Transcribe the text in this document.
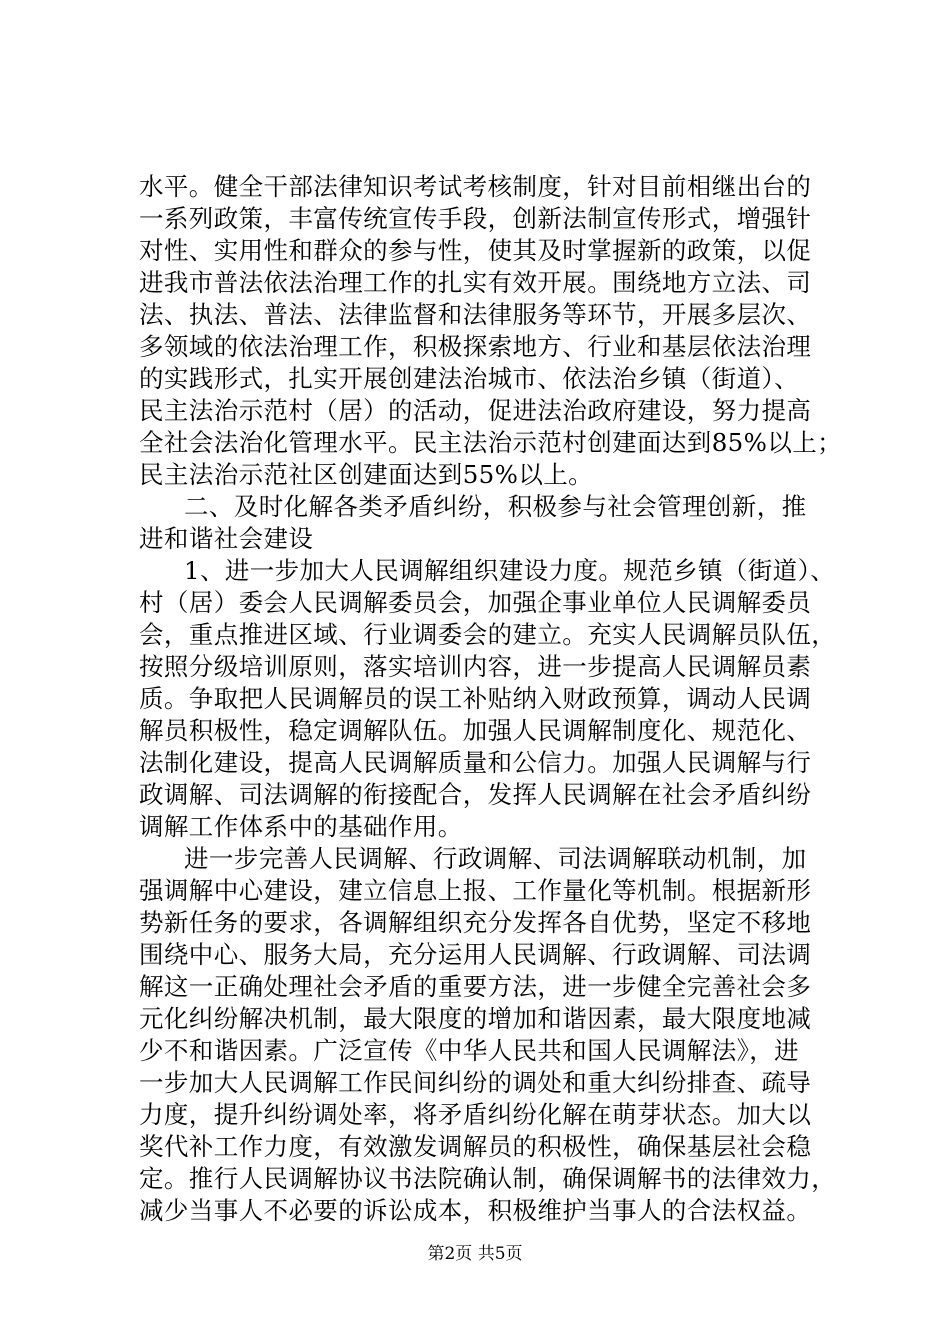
水平。健全干部法律知识考试考核制度，针对目前相继出台的
一系列政策，丰富传统宣传手段，创新法制宣传形式，增强针
对性、实用性和群众的参与性，使其及时掌握新的政策，以促
进我市普法依法治理工作的扎实有效开展。围绕地方立法、司
法、执法、普法、法律监督和法律服务等环节，开展多层次、
多领域的依法治理工作，积极探索地方、行业和基层依法治理
的实践形式，扎实开展创建法治城市、依法治乡镇（街道）、
民主法治示范村（居）的活动，促进法治政府建设，努力提高
全社会法治化管理水平。民主法治示范村创建面达到85%以上；
民主法治示范社区创建面达到55%以上。
二、及时化解各类矛盾纠纷，积极参与社会管理创新，推
进和谐社会建设
1、进一步加大人民调解组织建设力度。规范乡镇（街道）、
村（居）委会人民调解委员会，加强企事业单位人民调解委员
会，重点推进区域、行业调委会的建立。充实人民调解员队伍，
按照分级培训原则，落实培训内容，进一步提高人民调解员素
质。争取把人民调解员的误工补贴纳入财政预算，调动人民调
解员积极性，稳定调解队伍。加强人民调解制度化、规范化、
法制化建设，提高人民调解质量和公信力。加强人民调解与行
政调解、司法调解的衔接配合，发挥人民调解在社会矛盾纠纷
调解工作体系中的基础作用。
进一步完善人民调解、行政调解、司法调解联动机制，加
强调解中心建设，建立信息上报、工作量化等机制。根据新形
势新任务的要求，各调解组织充分发挥各自优势，坚定不移地
围绕中心、服务大局，充分运用人民调解、行政调解、司法调
解这一正确处理社会矛盾的重要方法，进一步健全完善社会多
元化纠纷解决机制，最大限度的增加和谐因素，最大限度地减
少不和谐因素。广泛宣传《中华人民共和国人民调解法》，进
一步加大人民调解工作民间纠纷的调处和重大纠纷排查、疏导
力度，提升纠纷调处率，将矛盾纠纷化解在萌芽状态。加大以
奖代补工作力度，有效激发调解员的积极性，确保基层社会稳
定。推行人民调解协议书法院确认制，确保调解书的法律效力，
减少当事人不必要的诉讼成本，积极维护当事人的合法权益。
第2页 共5页
